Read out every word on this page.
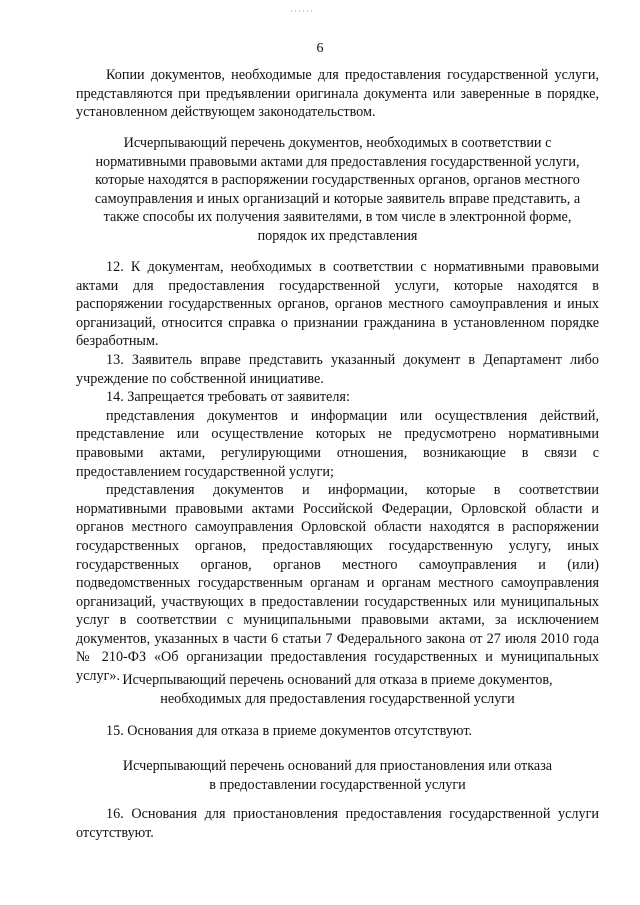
······
6

Копии документов, необходимые для предоставления государственной услуги, представляются при предъявлении оригинала документа или заверенные в порядке, установленном действующем законодательством.

Исчерпывающий перечень документов, необходимых в соответствии с
нормативными правовыми актами для предоставления государственной услуги,
которые находятся в распоряжении государственных органов, органов местного
самоуправления и иных организаций и которые заявитель вправе представить, а
также способы их получения заявителями, в том числе в электронной форме,
порядок их представления

12. К документам, необходимых в соответствии с нормативными правовыми актами для предоставления государственной услуги, которые находятся в распоряжении государственных органов, органов местного самоуправления и иных организаций, относится справка о признании гражданина в установленном порядке безработным.

13. Заявитель вправе представить указанный документ в Департамент либо учреждение по собственной инициативе.

14. Запрещается требовать от заявителя:

представления документов и информации или осуществления действий, представление или осуществление которых не предусмотрено нормативными правовыми актами, регулирующими отношения, возникающие в связи с предоставлением государственной услуги;

представления документов и информации, которые в соответствии нормативными правовыми актами Российской Федерации, Орловской области и органов местного самоуправления Орловской области находятся в распоряжении государственных органов, предоставляющих государственную услугу, иных государственных органов, органов местного самоуправления и (или) подведомственных государственным органам и органам местного самоуправления организаций, участвующих в предоставлении государственных или муниципальных услуг в соответствии с муниципальными правовыми актами, за исключением документов, указанных в части 6 статьи 7 Федерального закона от 27 июля 2010 года № 210-ФЗ «Об организации предоставления государственных и муниципальных услуг». Исчерпывающий перечень оснований для отказа в приеме документов,
необходимых для предоставления государственной услуги

15. Основания для отказа в приеме документов отсутствуют.

Исчерпывающий перечень оснований для приостановления или отказа
в предоставлении государственной услуги

16. Основания для приостановления предоставления государственной услуги отсутствуют.
